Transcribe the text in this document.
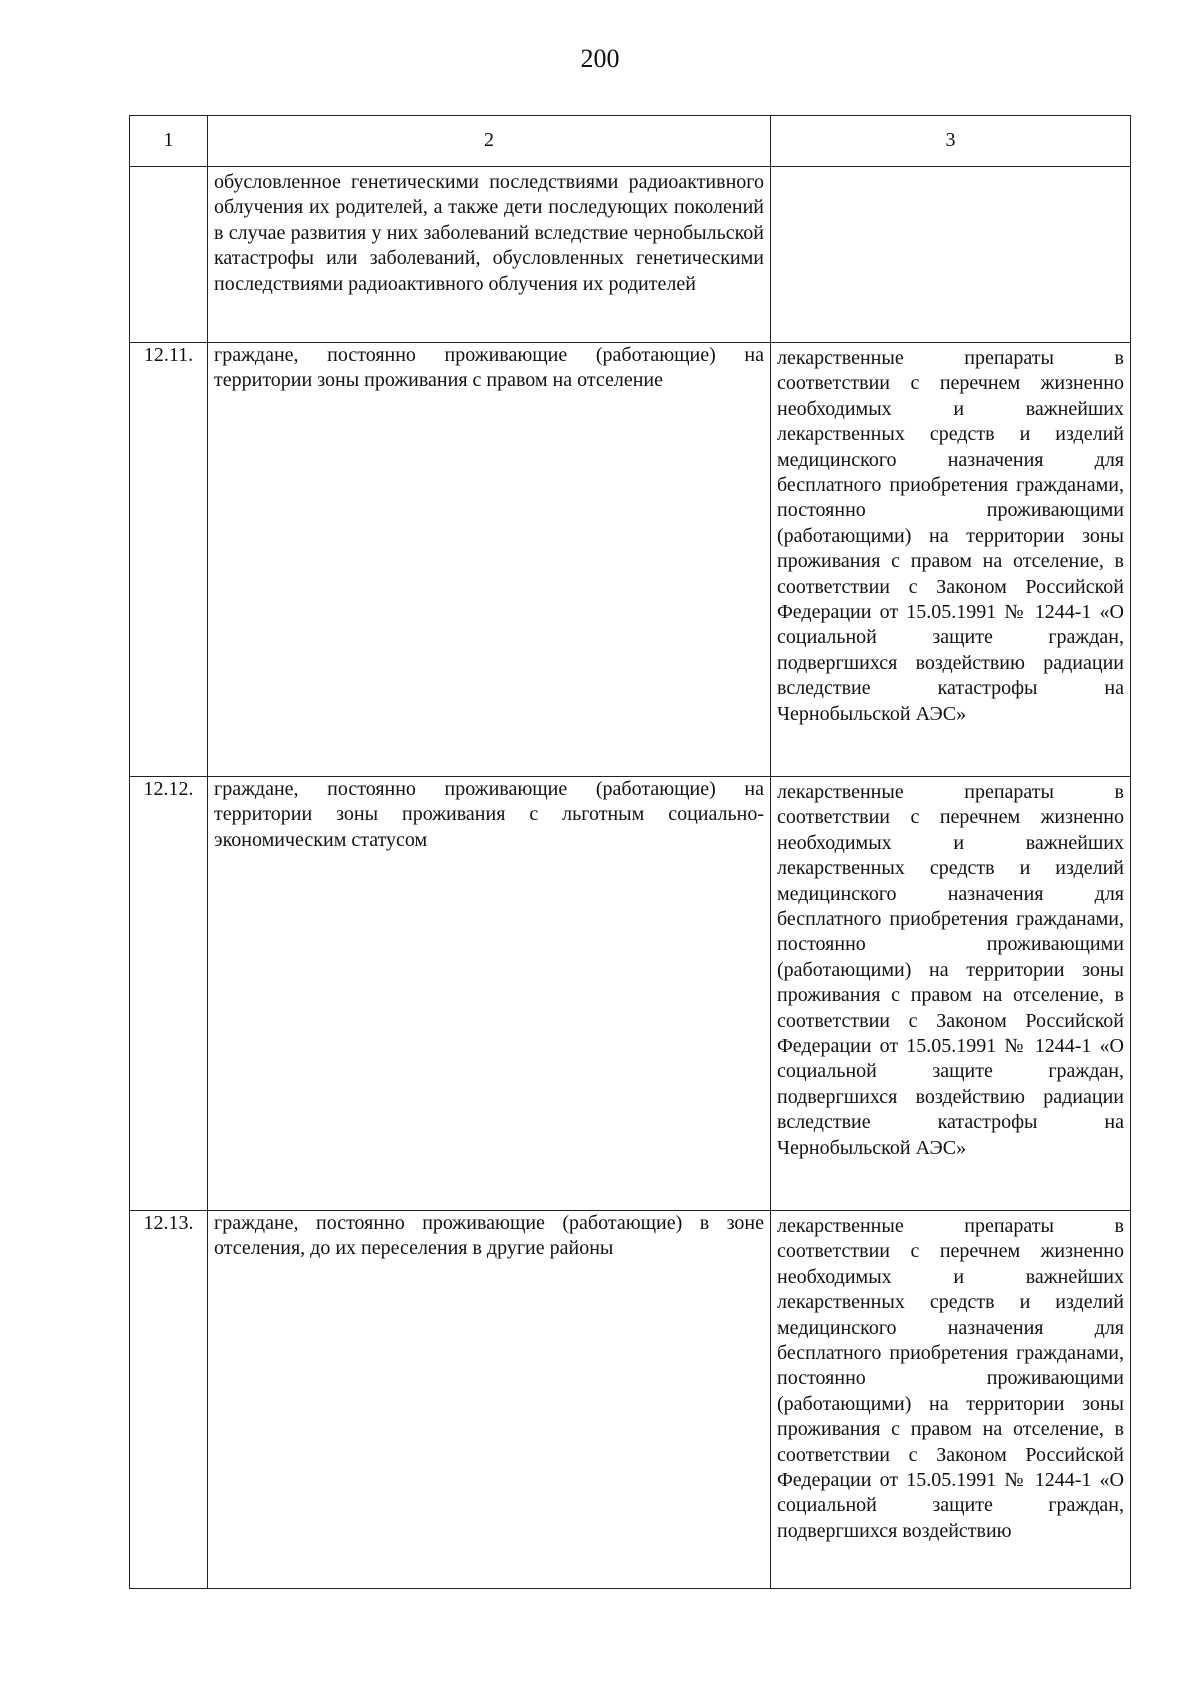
200
1	2	3

	обусловленное генетическими последствиями радиоактивного облучения их родителей, а также дети последующих поколений в случае развития у них заболеваний вследствие чернобыльской катастрофы или заболеваний, обусловленных генетическими последствиями радиоактивного облучения их родителей	

12.11.	граждане, постоянно проживающие (работающие) на территории зоны проживания с правом на отселение	лекарственные препараты в соответствии с перечнем жизненно необходимых и важнейших лекарственных средств и изделий медицинского назначения для бесплатного приобретения гражданами, постоянно проживающими (работающими) на территории зоны проживания с правом на отселение, в соответствии с Законом Российской Федерации от 15.05.1991 № 1244-1 «О социальной защите граждан, подвергшихся воздействию радиации вследствие катастрофы на Чернобыльской АЭС»

12.12.	граждане, постоянно проживающие (работающие) на территории зоны проживания с льготным социально-экономическим статусом	лекарственные препараты в соответствии с перечнем жизненно необходимых и важнейших лекарственных средств и изделий медицинского назначения для бесплатного приобретения гражданами, постоянно проживающими (работающими) на территории зоны проживания с правом на отселение, в соответствии с Законом Российской Федерации от 15.05.1991 № 1244-1 «О социальной защите граждан, подвергшихся воздействию радиации вследствие катастрофы на Чернобыльской АЭС»

12.13.	граждане, постоянно проживающие (работающие) в зоне отселения, до их переселения в другие районы	лекарственные препараты в соответствии с перечнем жизненно необходимых и важнейших лекарственных средств и изделий медицинского назначения для бесплатного приобретения гражданами, постоянно проживающими (работающими) на территории зоны проживания с правом на отселение, в соответствии с Законом Российской Федерации от 15.05.1991 № 1244-1 «О социальной защите граждан, подвергшихся воздействию
